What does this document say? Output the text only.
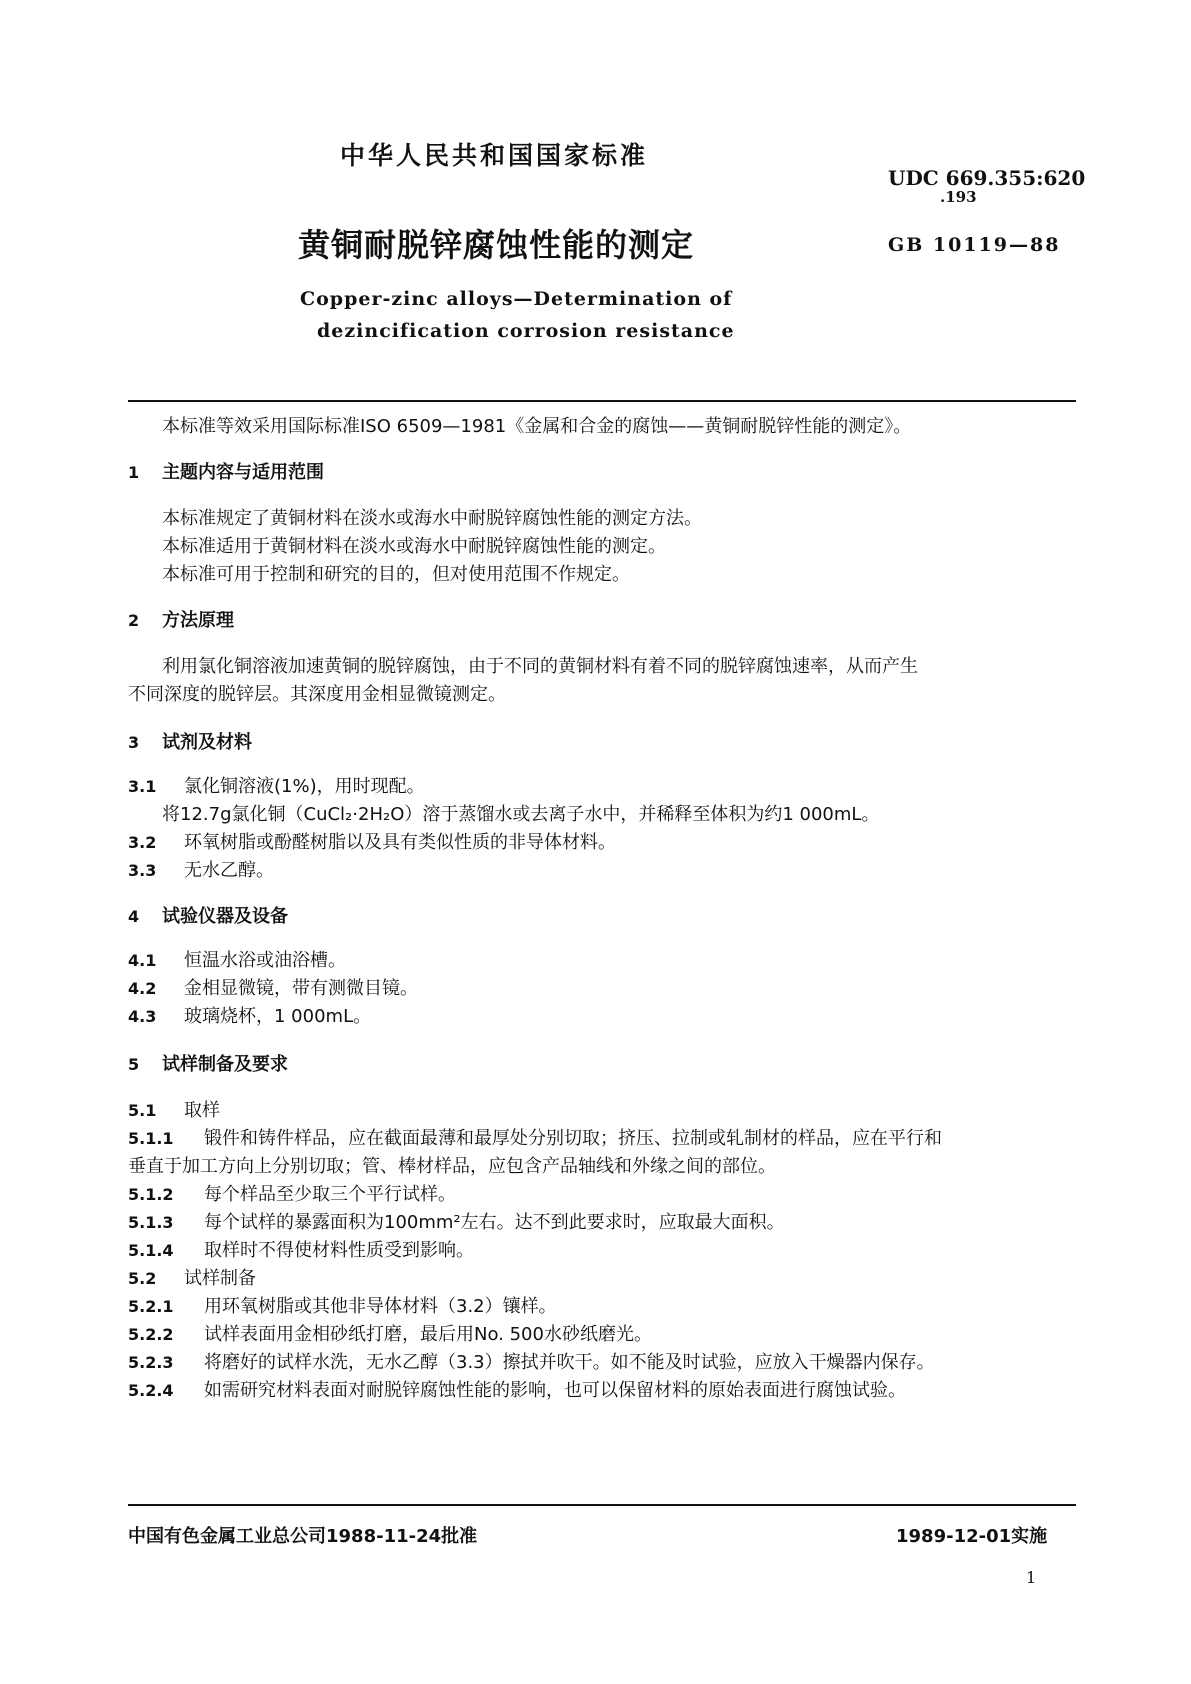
中华人民共和国国家标准
UDC 669.355:620
.193
黄铜耐脱锌腐蚀性能的测定	GB 10119—88
Copper-zinc alloys—Determination of
dezincification corrosion resistance
本标准等效采用国际标准ISO 6509—1981《金属和合金的腐蚀——黄铜耐脱锌性能的测定》。
1 主题内容与适用范围
本标准规定了黄铜材料在淡水或海水中耐脱锌腐蚀性能的测定方法。
本标准适用于黄铜材料在淡水或海水中耐脱锌腐蚀性能的测定。
本标准可用于控制和研究的目的，但对使用范围不作规定。
2 方法原理
利用氯化铜溶液加速黄铜的脱锌腐蚀，由于不同的黄铜材料有着不同的脱锌腐蚀速率，从而产生
不同深度的脱锌层。其深度用金相显微镜测定。
3 试剂及材料
3.1 氯化铜溶液(1%)，用时现配。
将12.7g氯化铜（CuCl₂·2H₂O）溶于蒸馏水或去离子水中，并稀释至体积为约1 000mL。
3.2 环氧树脂或酚醛树脂以及具有类似性质的非导体材料。
3.3 无水乙醇。
4 试验仪器及设备
4.1 恒温水浴或油浴槽。
4.2 金相显微镜，带有测微目镜。
4.3 玻璃烧杯，1 000mL。
5 试样制备及要求
5.1 取样
5.1.1 锻件和铸件样品，应在截面最薄和最厚处分别切取；挤压、拉制或轧制材的样品，应在平行和
垂直于加工方向上分别切取；管、棒材样品，应包含产品轴线和外缘之间的部位。
5.1.2 每个样品至少取三个平行试样。
5.1.3 每个试样的暴露面积为100mm²左右。达不到此要求时，应取最大面积。
5.1.4 取样时不得使材料性质受到影响。
5.2 试样制备
5.2.1 用环氧树脂或其他非导体材料（3.2）镶样。
5.2.2 试样表面用金相砂纸打磨，最后用No. 500水砂纸磨光。
5.2.3 将磨好的试样水洗，无水乙醇（3.3）擦拭并吹干。如不能及时试验，应放入干燥器内保存。
5.2.4 如需研究材料表面对耐脱锌腐蚀性能的影响，也可以保留材料的原始表面进行腐蚀试验。
中国有色金属工业总公司1988-11-24批准	1989-12-01实施
1
